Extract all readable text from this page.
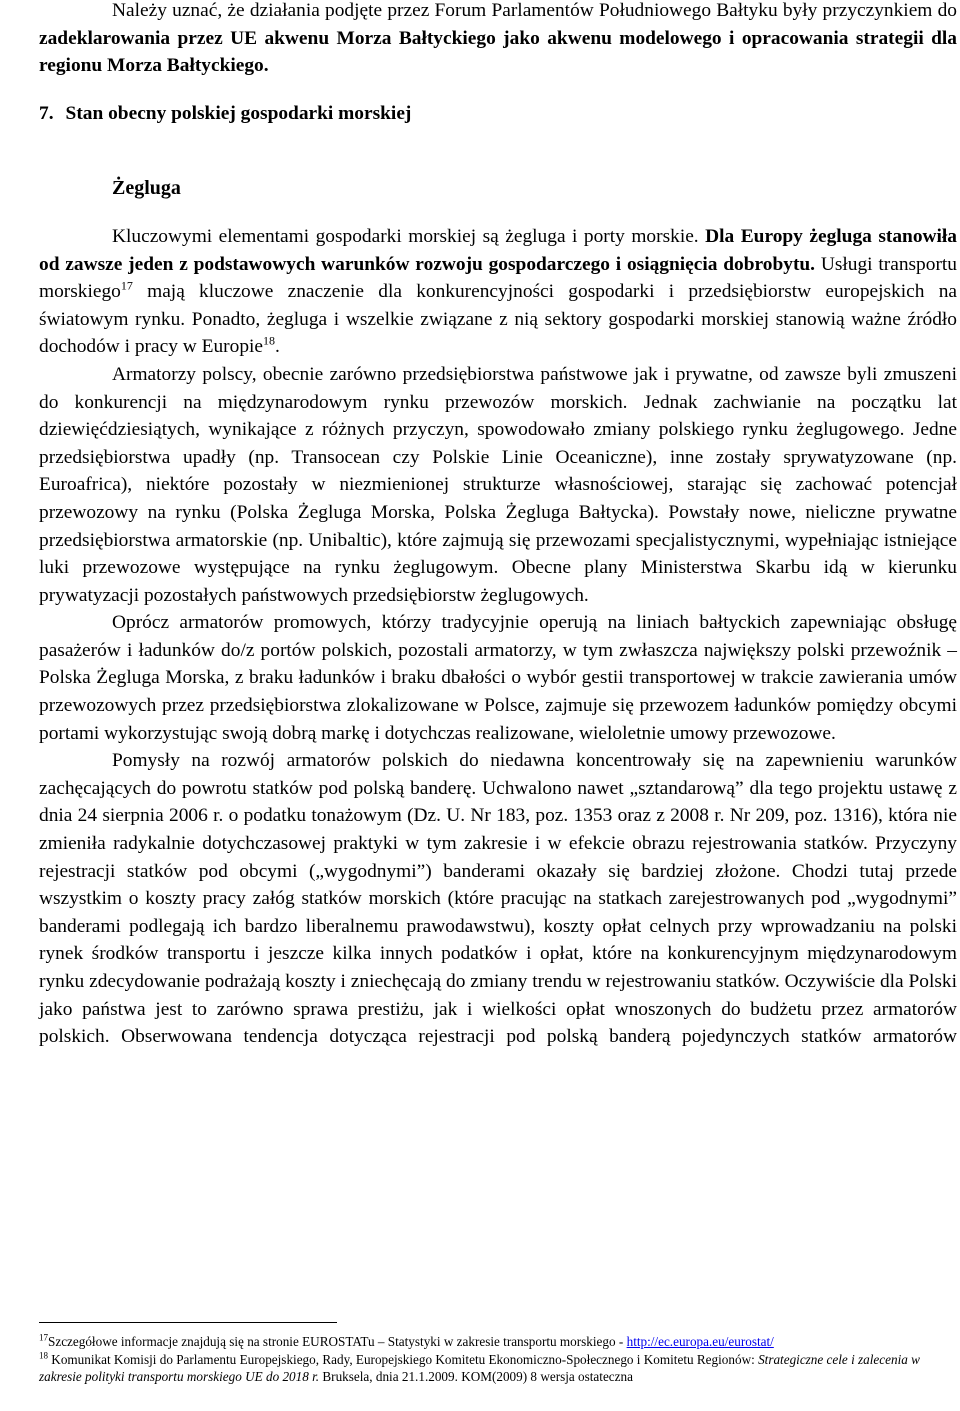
Należy uznać, że działania podjęte przez Forum Parlamentów Południowego Bałtyku były przyczynkiem do zadeklarowania przez UE akwenu Morza Bałtyckiego jako akwenu modelowego i opracowania strategii dla regionu Morza Bałtyckiego.

7. Stan obecny polskiej gospodarki morskiej

Żegluga

Kluczowymi elementami gospodarki morskiej są żegluga i porty morskie. Dla Europy żegluga stanowiła od zawsze jeden z podstawowych warunków rozwoju gospodarczego i osiągnięcia dobrobytu. Usługi transportu morskiego$^{17}$ mają kluczowe znaczenie dla konkurencyjności gospodarki i przedsiębiorstw europejskich na światowym rynku. Ponadto, żegluga i wszelkie związane z nią sektory gospodarki morskiej stanowią ważne źródło dochodów i pracy w Europie$^{18}$.

Armatorzy polscy, obecnie zarówno przedsiębiorstwa państwowe jak i prywatne, od zawsze byli zmuszeni do konkurencji na międzynarodowym rynku przewozów morskich. Jednak zachwianie na początku lat dziewięćdziesiątych, wynikające z różnych przyczyn, spowodowało zmiany polskiego rynku żeglugowego. Jedne przedsiębiorstwa upadły (np. Transocean czy Polskie Linie Oceaniczne), inne zostały sprywatyzowane (np. Euroafrica), niektóre pozostały w niezmienionej strukturze własnościowej, starając się zachować potencjał przewozowy na rynku (Polska Żegluga Morska, Polska Żegluga Bałtycka). Powstały nowe, nieliczne prywatne przedsiębiorstwa armatorskie (np. Unibaltic), które zajmują się przewozami specjalistycznymi, wypełniając istniejące luki przewozowe występujące na rynku żeglugowym. Obecne plany Ministerstwa Skarbu idą w kierunku prywatyzacji pozostałych państwowych przedsiębiorstw żeglugowych.

Oprócz armatorów promowych, którzy tradycyjnie operują na liniach bałtyckich zapewniając obsługę pasażerów i ładunków do/z portów polskich, pozostali armatorzy, w tym zwłaszcza największy polski przewoźnik – Polska Żegluga Morska, z braku ładunków i braku dbałości o wybór gestii transportowej w trakcie zawierania umów przewozowych przez przedsiębiorstwa zlokalizowane w Polsce, zajmuje się przewozem ładunków pomiędzy obcymi portami wykorzystując swoją dobrą markę i dotychczas realizowane, wieloletnie umowy przewozowe.

Pomysły na rozwój armatorów polskich do niedawna koncentrowały się na zapewnieniu warunków zachęcających do powrotu statków pod polską banderę. Uchwalono nawet „sztandarową” dla tego projektu ustawę z dnia 24 sierpnia 2006 r. o podatku tonażowym (Dz. U. Nr 183, poz. 1353 oraz z 2008 r. Nr 209, poz. 1316), która nie zmieniła radykalnie dotychczasowej praktyki w tym zakresie i w efekcie obrazu rejestrowania statków. Przyczyny rejestracji statków pod obcymi („wygodnymi”) banderami okazały się bardziej złożone. Chodzi tutaj przede wszystkim o koszty pracy załóg statków morskich (które pracując na statkach zarejestrowanych pod „wygodnymi” banderami podlegają ich bardzo liberalnemu prawodawstwu), koszty opłat celnych przy wprowadzaniu na polski rynek środków transportu i jeszcze kilka innych podatków i opłat, które na konkurencyjnym międzynarodowym rynku zdecydowanie podrażają koszty i zniechęcają do zmiany trendu w rejestrowaniu statków. Oczywiście dla Polski jako państwa jest to zarówno sprawa prestiżu, jak i wielkości opłat wnoszonych do budżetu przez armatorów polskich. Obserwowana tendencja dotycząca rejestracji pod polską banderą pojedynczych statków armatorów

$^{17}$Szczegółowe informacje znajdują się na stronie EUROSTATu – Statystyki w zakresie transportu morskiego - http://ec.europa.eu/eurostat/

$^{18}$ Komunikat Komisji do Parlamentu Europejskiego, Rady, Europejskiego Komitetu Ekonomiczno-Społecznego i Komitetu Regionów: Strategiczne cele i zalecenia w zakresie polityki transportu morskiego UE do 2018 r. Bruksela, dnia 21.1.2009. KOM(2009) 8 wersja ostateczna
